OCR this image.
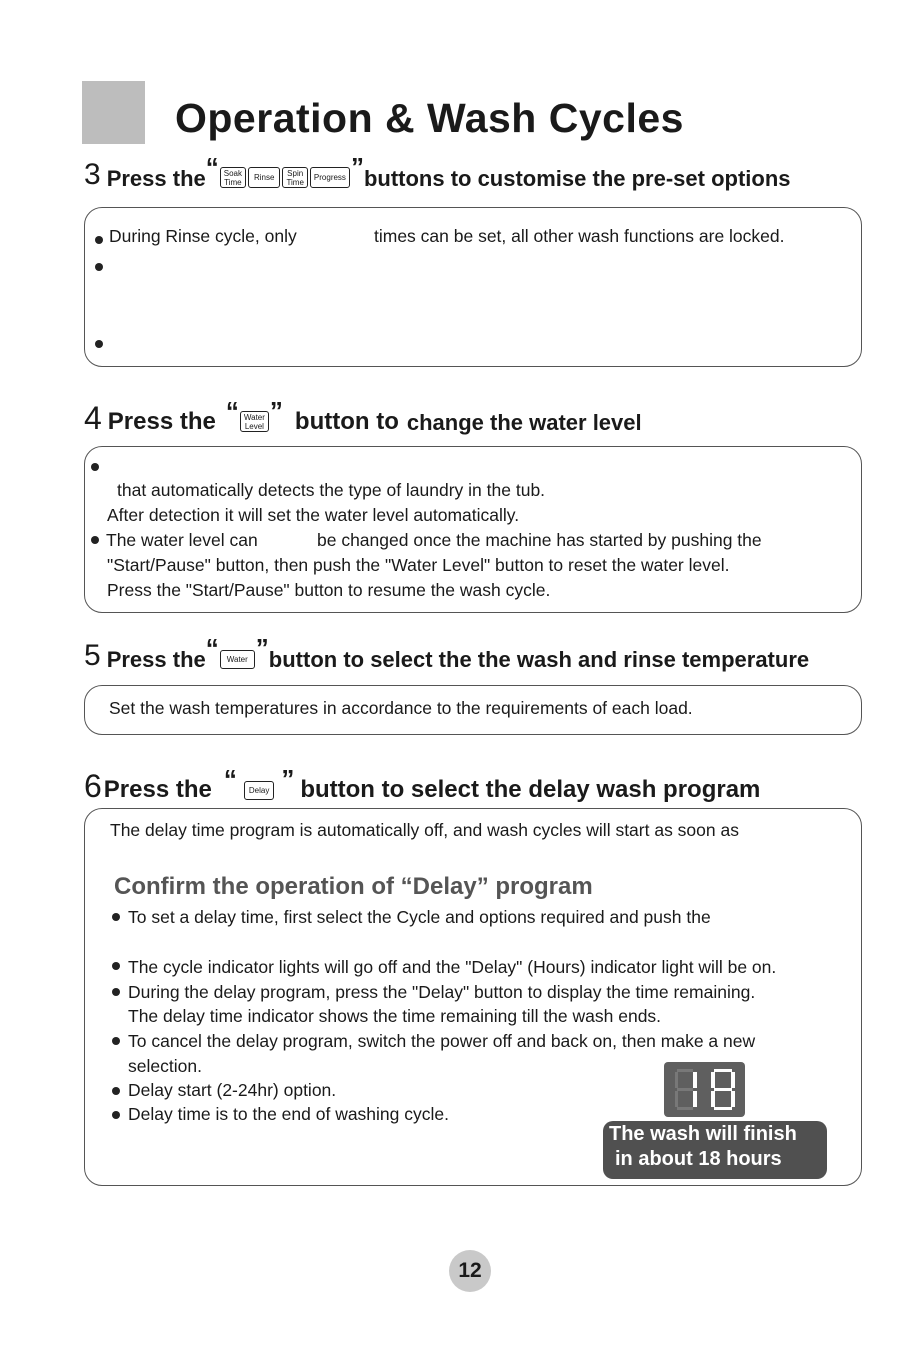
Operation & Wash Cycles
3 Press the “ Soak
Time Rinse Spin
Time Progress ” buttons to customise the pre-set options
During Rinse cycle, only	times can be set, all other wash functions are locked.
4 Press the “ Water
Level ” button to change the water level
that automatically detects the type of laundry in the tub.
After detection it will set the water level automatically.
The water level can	be changed once the machine has started by pushing the
"Start/Pause" button, then push the "Water Level" button to reset the water level.
Press the "Start/Pause" button to resume the wash cycle.
5 Press the “ Water ” button to select the the wash and rinse temperature
Set the wash temperatures in accordance to the requirements of each load.
6 Press the “ Delay ” button to select the delay wash program
The delay time program is automatically off, and wash cycles will start as soon as
Confirm the operation of “Delay” program
To set a delay time, first select the Cycle and options required and push the
The cycle indicator lights will go off and the "Delay" (Hours) indicator light will be on.
During the delay program, press the "Delay" button to display the time remaining.
The delay time indicator shows the time remaining till the wash ends.
To cancel the delay program, switch the power off and back on, then make a new
selection.
Delay start (2-24hr) option.
Delay time is to the end of washing cycle.
The wash will finish
in about 18 hours
12
